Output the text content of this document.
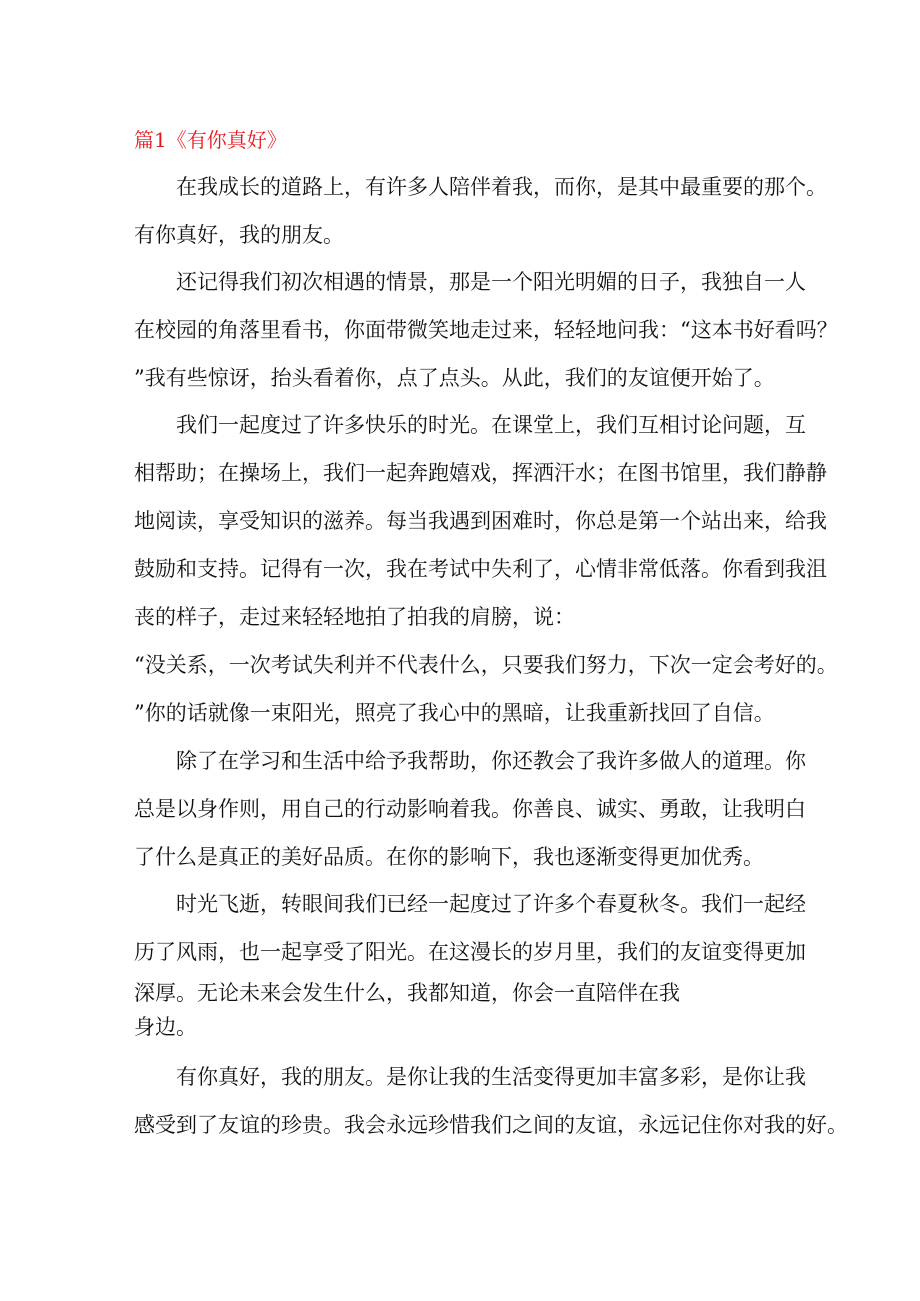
篇1《有你真好》
在我成长的道路上，有许多人陪伴着我，而你，是其中最重要的那个。
有你真好，我的朋友。
还记得我们初次相遇的情景，那是一个阳光明媚的日子，我独自一人
在校园的角落里看书，你面带微笑地走过来，轻轻地问我：“这本书好看吗？
”我有些惊讶，抬头看着你，点了点头。从此，我们的友谊便开始了。
我们一起度过了许多快乐的时光。在课堂上，我们互相讨论问题，互
相帮助；在操场上，我们一起奔跑嬉戏，挥洒汗水；在图书馆里，我们静静
地阅读，享受知识的滋养。每当我遇到困难时，你总是第一个站出来，给我
鼓励和支持。记得有一次，我在考试中失利了，心情非常低落。你看到我沮
丧的样子，走过来轻轻地拍了拍我的肩膀，说：
“没关系，一次考试失利并不代表什么，只要我们努力，下次一定会考好的。
”你的话就像一束阳光，照亮了我心中的黑暗，让我重新找回了自信。
除了在学习和生活中给予我帮助，你还教会了我许多做人的道理。你
总是以身作则，用自己的行动影响着我。你善良、诚实、勇敢，让我明白
了什么是真正的美好品质。在你的影响下，我也逐渐变得更加优秀。
时光飞逝，转眼间我们已经一起度过了许多个春夏秋冬。我们一起经
历了风雨，也一起享受了阳光。在这漫长的岁月里，我们的友谊变得更加
深厚。无论未来会发生什么，我都知道，你会一直陪伴在我
身边。
有你真好，我的朋友。是你让我的生活变得更加丰富多彩，是你让我
感受到了友谊的珍贵。我会永远珍惜我们之间的友谊，永远记住你对我的好。
